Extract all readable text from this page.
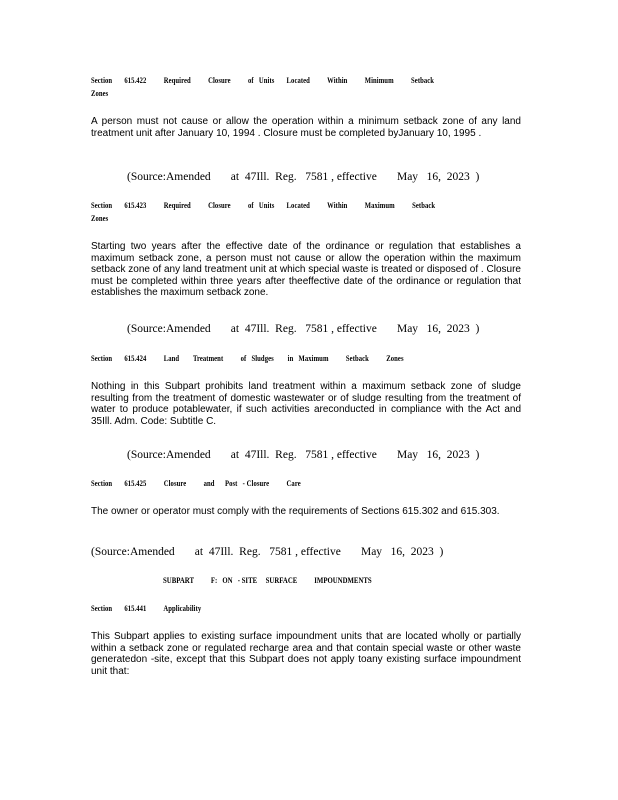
Section       615.422          Required          Closure          of   Units       Located          Within          Minimum          Setback
Zones
A person must not cause or allow the operation within a minimum setback zone of any land treatment unit after January 10, 1994 . Closure must be completed byJanuary 10, 1995 .
(Source:Amended       at  47Ill.  Reg.   7581 , effective       May   16,  2023  )
Section       615.423          Required          Closure          of   Units       Located          Within          Maximum          Setback
Zones
Starting two years after the effective date of the ordinance or regulation that establishes a maximum setback zone, a person must not cause or allow the operation within the maximum setback zone of any land treatment unit at which special waste is treated or disposed of . Closure must be completed within three years after theeffective date of the ordinance or regulation that establishes the maximum setback zone.
(Source:Amended       at  47Ill.  Reg.   7581 , effective       May   16,  2023  )
Section       615.424          Land        Treatment          of   Sludges        in   Maximum          Setback          Zones
Nothing in this Subpart prohibits land treatment within a maximum setback zone of sludge resulting from the treatment of domestic wastewater or of sludge resulting from the treatment of water to produce potablewater, if such activities areconducted in compliance with the Act and 35Ill. Adm. Code: Subtitle C.
(Source:Amended       at  47Ill.  Reg.   7581 , effective       May   16,  2023  )
Section       615.425          Closure          and      Post   - Closure          Care
The owner or operator must comply with the requirements of Sections 615.302 and 615.303.
(Source:Amended       at  47Ill.  Reg.   7581 , effective       May   16,  2023  )
SUBPART          F:   ON   - SITE     SURFACE          IMPOUNDMENTS
Section       615.441          Applicability
This Subpart applies to existing surface impoundment units that are located wholly or partially within a setback zone or regulated recharge area and that contain special waste or other waste generatedon -site, except that this Subpart does not apply toany existing surface impoundment unit that:
